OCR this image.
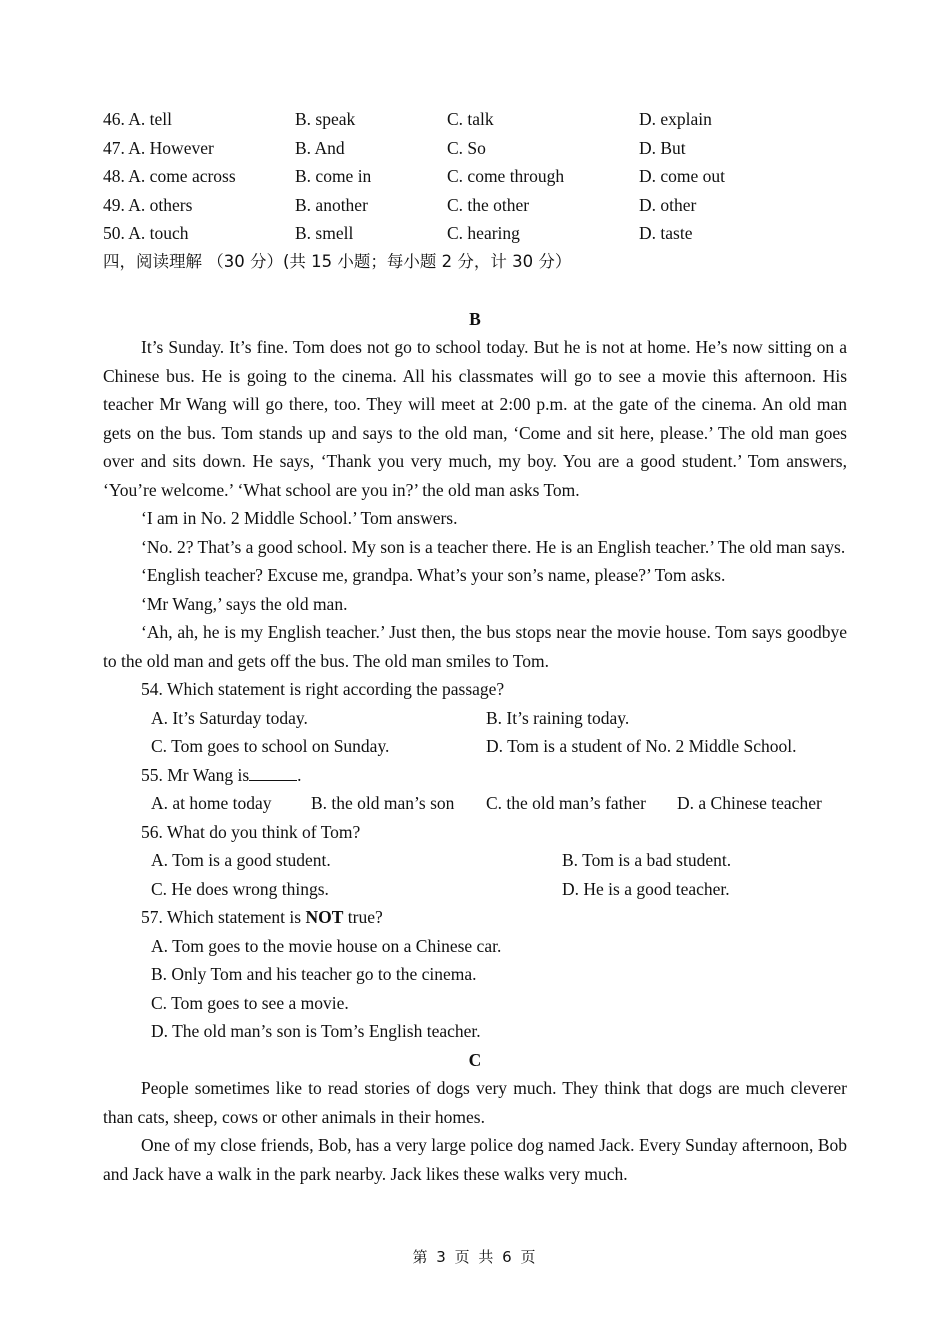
46. A. tell	B. speak	C. talk	D. explain
47. A. However	B. And	C. So	D. But
48. A. come across	B. come in	C. come through	D. come out
49. A. others	B. another	C. the other	D. other
50. A. touch	B. smell	C. hearing	D. taste
四，阅读理解 （30 分）(共 15 小题；每小题 2 分，计 30 分）
B

It’s Sunday. It’s fine. Tom does not go to school today. But he is not at home. He’s now sitting on a Chinese bus. He is going to the cinema. All his classmates will go to see a movie this afternoon. His teacher Mr Wang will go there, too. They will meet at 2:00 p.m. at the gate of the cinema. An old man gets on the bus. Tom stands up and says to the old man, ‘Come and sit here, please.’ The old man goes over and sits down. He says, ‘Thank you very much, my boy. You are a good student.’ Tom answers, ‘You’re welcome.’ ‘What school are you in?’ the old man asks Tom.

‘I am in No. 2 Middle School.’ Tom answers.

‘No. 2? That’s a good school. My son is a teacher there. He is an English teacher.’ The old man says.

‘English teacher? Excuse me, grandpa. What’s your son’s name, please?’ Tom asks.

‘Mr Wang,’ says the old man.

‘Ah, ah, he is my English teacher.’ Just then, the bus stops near the movie house. Tom says goodbye to the old man and gets off the bus. The old man smiles to Tom.

54. Which statement is right according the passage?
A. It’s Saturday today.	B. It’s raining today.
C. Tom goes to school on Sunday.	D. Tom is a student of No. 2 Middle School.
55. Mr Wang is	.
A. at home today B. the old man’s son C. the old man’s father D. a Chinese teacher
56. What do you think of Tom?
A. Tom is a good student.	B. Tom is a bad student.
C. He does wrong things.	D. He is a good teacher.
57. Which statement is NOT true?
A. Tom goes to the movie house on a Chinese car.
B. Only Tom and his teacher go to the cinema.
C. Tom goes to see a movie.
D. The old man’s son is Tom’s English teacher.
C

People sometimes like to read stories of dogs very much. They think that dogs are much cleverer than cats, sheep, cows or other animals in their homes.

One of my close friends, Bob, has a very large police dog named Jack. Every Sunday afternoon, Bob and Jack have a walk in the park nearby. Jack likes these walks very much.

第 3 页 共 6 页
